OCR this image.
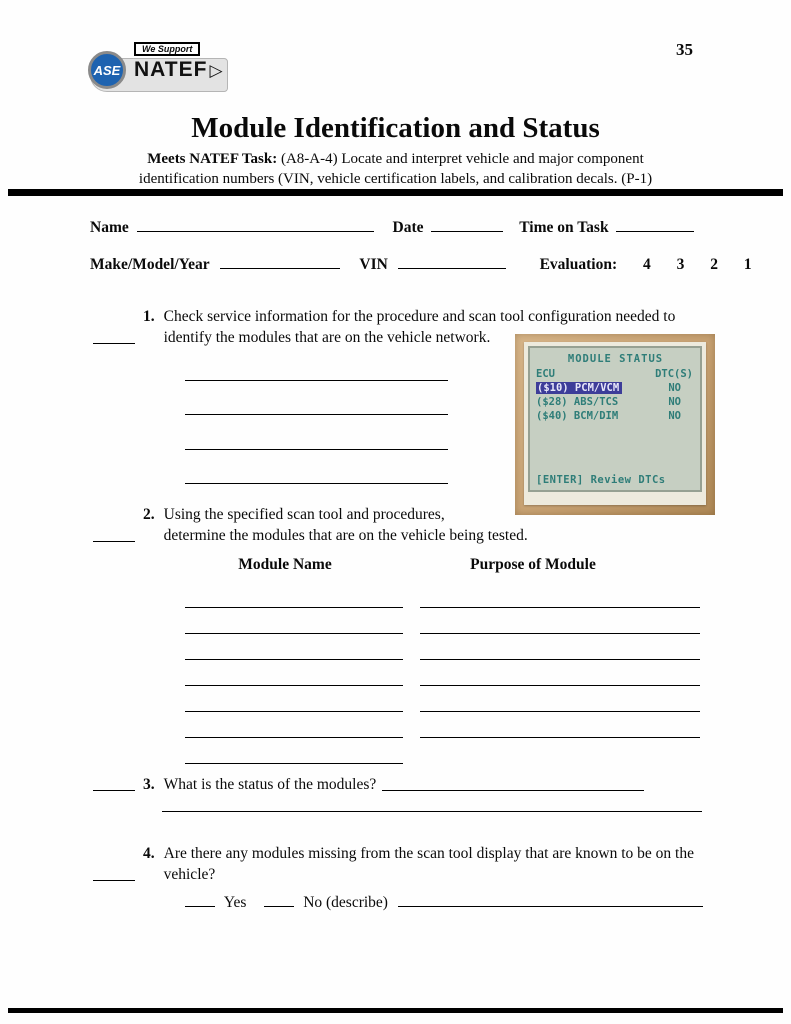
35
ASE
We Support
NATEF ▷
Module Identification and Status
Meets NATEF Task: (A8-A-4) Locate and interpret vehicle and major component
identification numbers (VIN, vehicle certification labels, and calibration decals. (P-1)
Name	Date	Time on Task
Make/Model/Year	VIN	Evaluation: 4 3 2 1
1. Check service information for the procedure and scan tool configuration needed to identify the modules that are on the vehicle network.
MODULE STATUS
ECU	DTC(S)
($10) PCM/VCM	NO
($28) ABS/TCS	NO
($40) BCM/DIM	NO
[ENTER] Review DTCs
2. Using the specified scan tool and procedures,
determine the modules that are on the vehicle being tested.
Module Name	Purpose of Module
3. What is the status of the modules?
4. Are there any modules missing from the scan tool display that are known to be on the vehicle?
Yes	No (describe)
